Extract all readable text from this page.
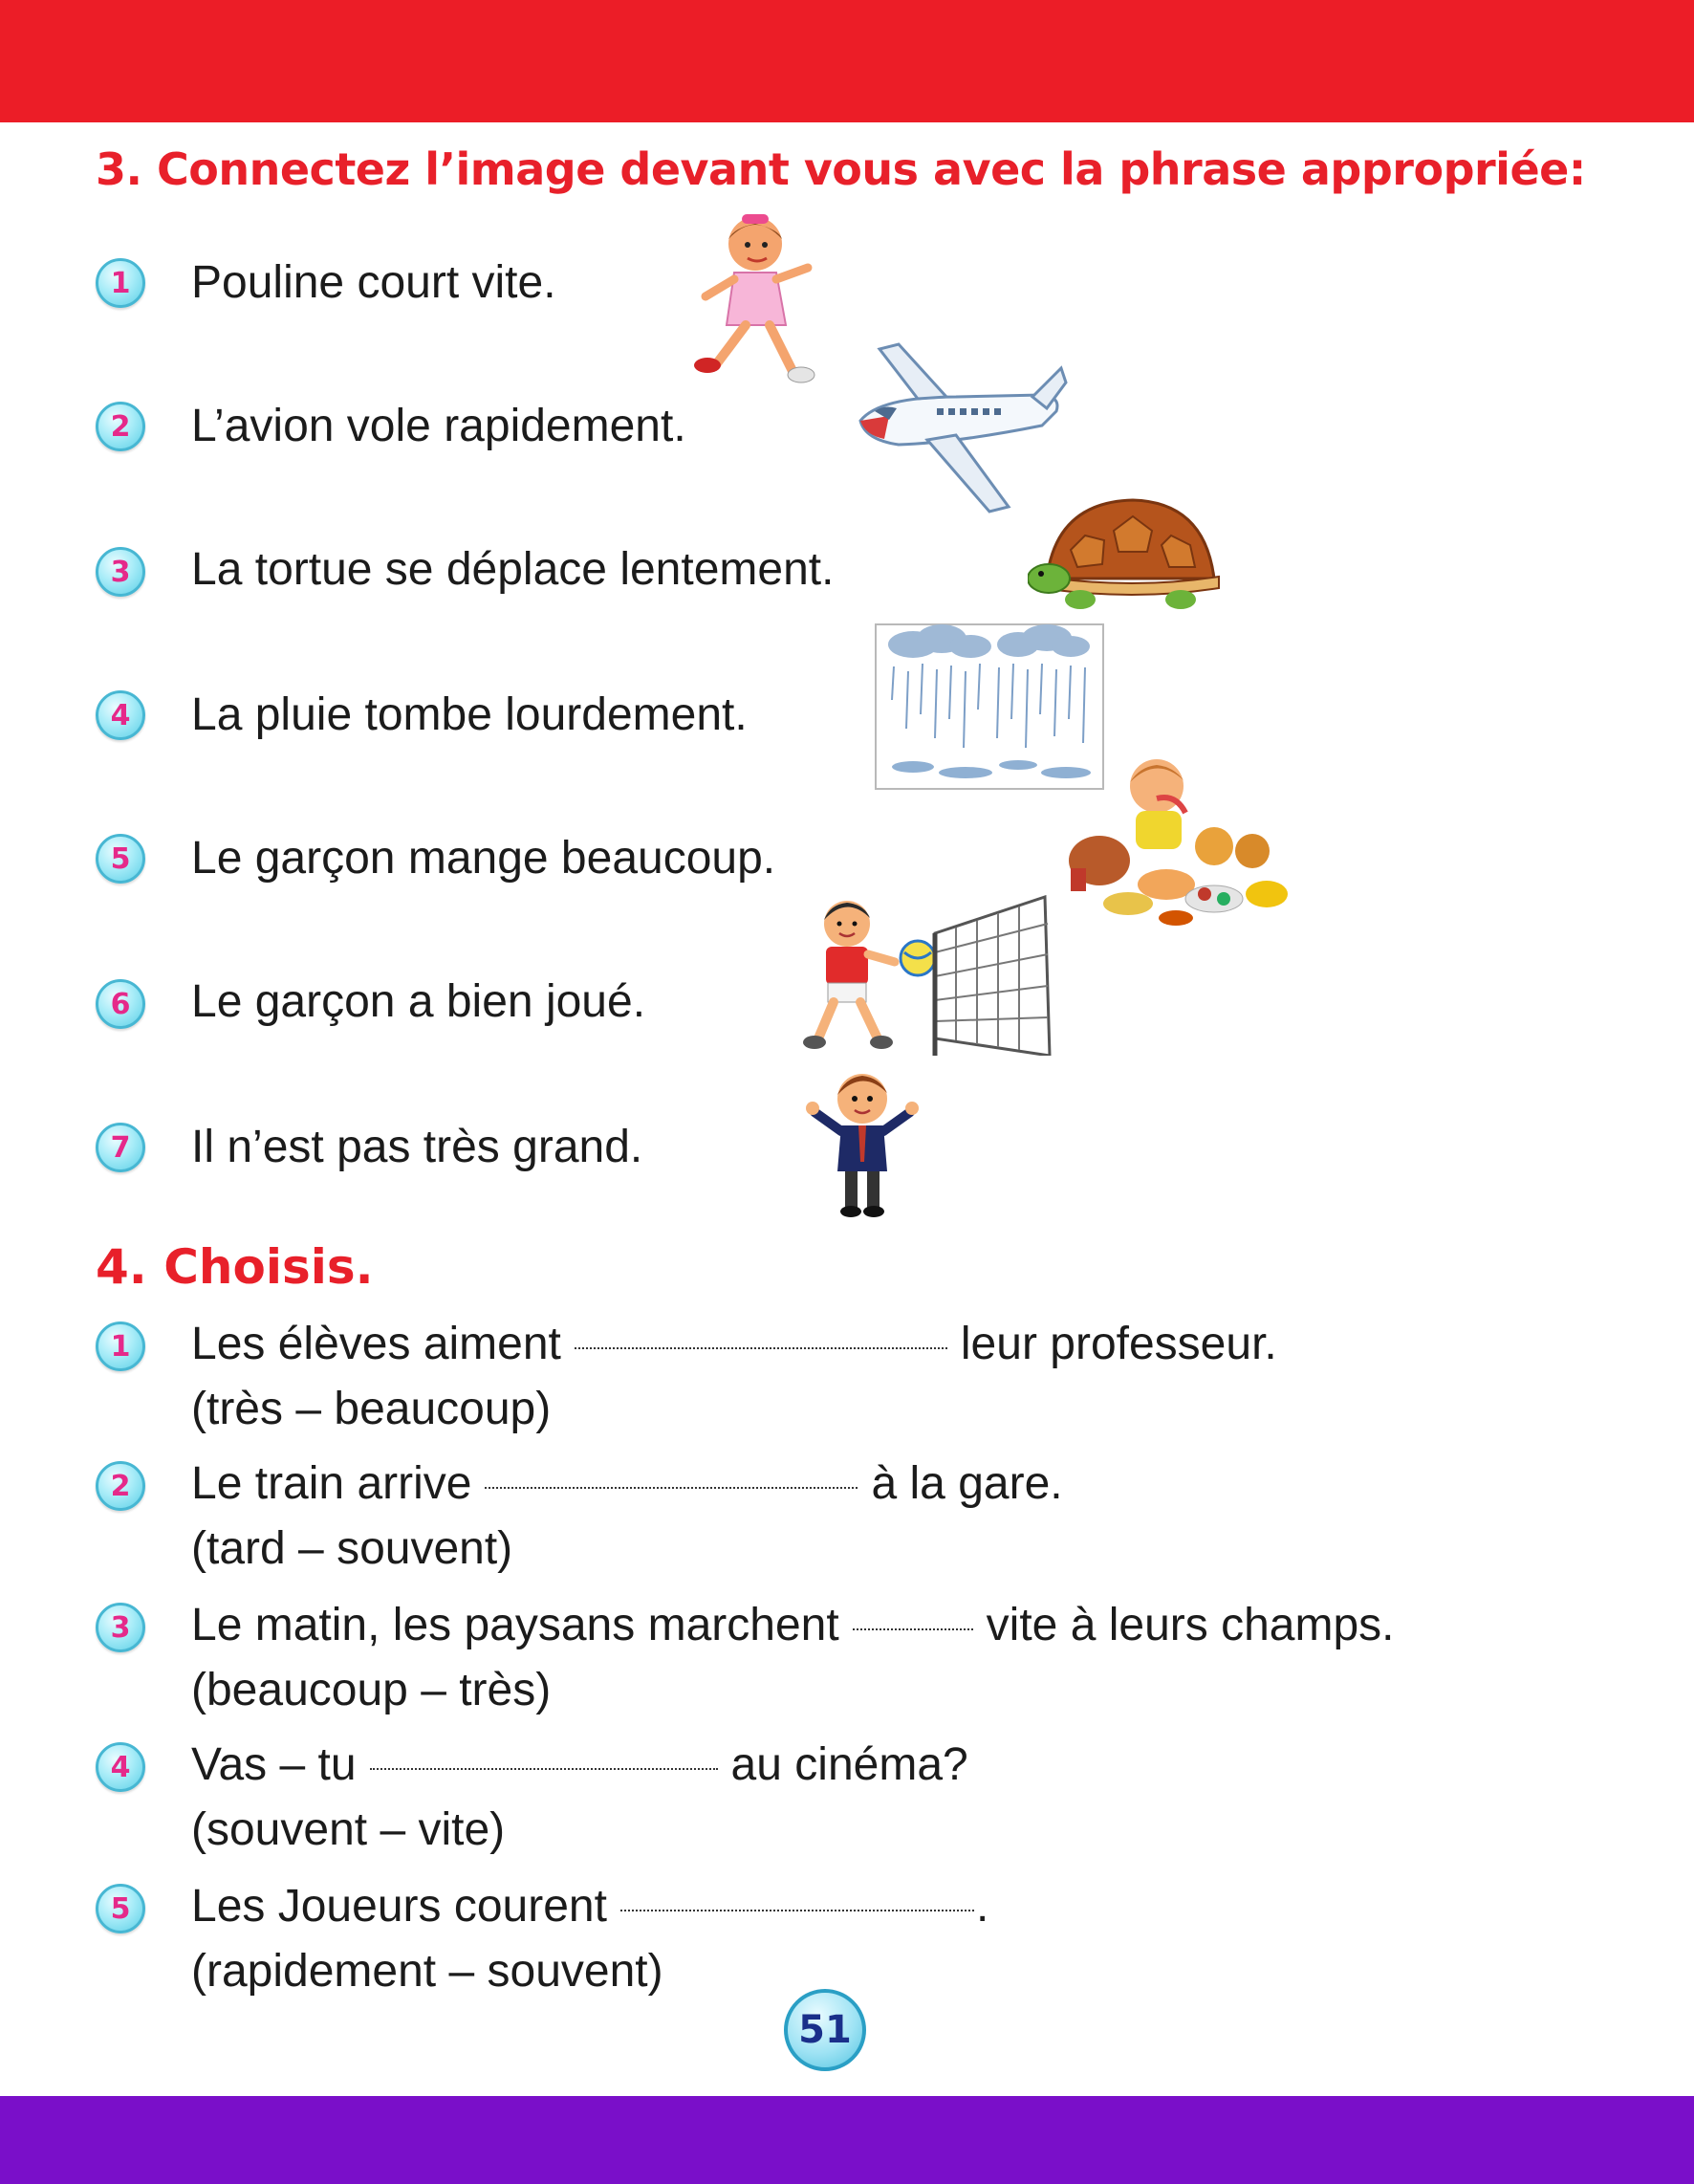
3. Connectez l’image devant vous avec la phrase appropriée:
1	Pouline court vite.

2	L’avion vole rapidement.

3	La tortue se déplace lentement.

4	La pluie tombe lourdement.

5	Le garçon mange beaucoup.

6	Le garçon a bien joué.

7	Il n’est pas très grand.

4. Choisis.
1	Les élèves aiment	leur professeur.

(très – beaucoup)

2	Le train arrive	à la gare.

(tard – souvent)

3	Le matin, les paysans marchent	vite à leurs champs.

(beaucoup – très)

4	Vas – tu	au cinéma?

(souvent – vite)

5	Les Joueurs courent	.

(rapidement – souvent)

51
